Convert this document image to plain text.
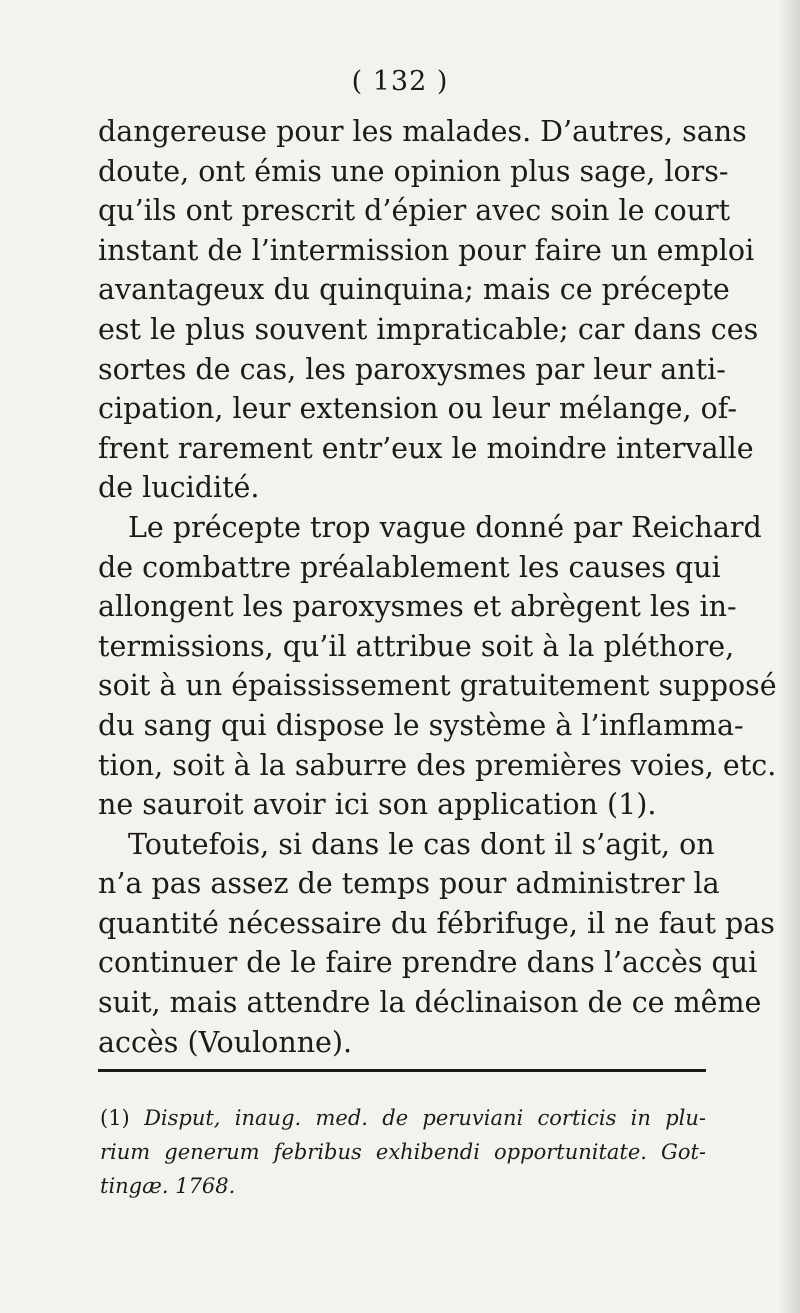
( 132 )
dangereuse pour les malades. D’autres, sans
doute, ont émis une opinion plus sage, lors-
qu’ils ont prescrit d’épier avec soin le court
instant de l’intermission pour faire un emploi
avantageux du quinquina; mais ce précepte
est le plus souvent impraticable; car dans ces
sortes de cas, les paroxysmes par leur anti-
cipation, leur extension ou leur mélange, of-
frent rarement entr’eux le moindre intervalle
de lucidité.
Le précepte trop vague donné par Reichard
de combattre préalablement les causes qui
allongent les paroxysmes et abrègent les in-
termissions, qu’il attribue soit à la pléthore,
soit à un épaississement gratuitement supposé
du sang qui dispose le système à l’inflamma-
tion, soit à la saburre des premières voies, etc.
ne sauroit avoir ici son application (1).
Toutefois, si dans le cas dont il s’agit, on
n’a pas assez de temps pour administrer la
quantité nécessaire du fébrifuge, il ne faut pas
continuer de le faire prendre dans l’accès qui
suit, mais attendre la déclinaison de ce même
accès (Voulonne).
(1) Disput, inaug. med. de peruviani corticis in plu-
rium generum febribus exhibendi opportunitate. Got-
tingæ. 1768.
